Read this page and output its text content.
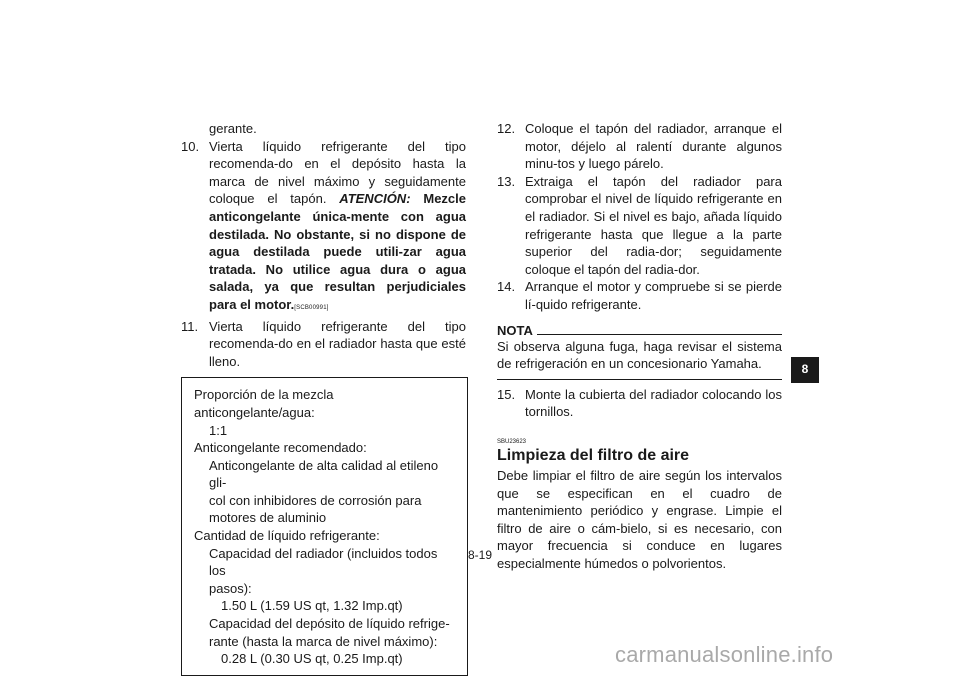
gerante.

10. Vierta líquido refrigerante del tipo recomenda-do en el depósito hasta la marca de nivel máximo y seguidamente coloque el tapón. ATENCIÓN: Mezcle anticongelante única-mente con agua destilada. No obstante, si no dispone de agua destilada puede utili-zar agua tratada. No utilice agua dura o agua salada, ya que resultan perjudiciales para el motor.[SCB00991]
11. Vierta líquido refrigerante del tipo recomenda-do en el radiador hasta que esté lleno.
Proporción de la mezcla anticongelante/agua:
1:1
Anticongelante recomendado:
Anticongelante de alta calidad al etileno gli-
col con inhibidores de corrosión para
motores de aluminio
Cantidad de líquido refrigerante:
Capacidad del radiador (incluidos todos los
pasos):
1.50 L (1.59 US qt, 1.32 Imp.qt)
Capacidad del depósito de líquido refrige-
rante (hasta la marca de nivel máximo):
0.28 L (0.30 US qt, 0.25 Imp.qt)
12. Coloque el tapón del radiador, arranque el motor, déjelo al ralentí durante algunos minu-tos y luego párelo.
13. Extraiga el tapón del radiador para comprobar el nivel de líquido refrigerante en el radiador. Si el nivel es bajo, añada líquido refrigerante hasta que llegue a la parte superior del radia-dor; seguidamente coloque el tapón del radia-dor.
14. Arranque el motor y compruebe si se pierde lí-quido refrigerante.
NOTA

Si observa alguna fuga, haga revisar el sistema de refrigeración en un concesionario Yamaha.

15. Monte la cubierta del radiador colocando los tornillos.
SBU23623
Limpieza del filtro de aire

Debe limpiar el filtro de aire según los intervalos que se especifican en el cuadro de mantenimiento periódico y engrase. Limpie el filtro de aire o cám-bielo, si es necesario, con mayor frecuencia si conduce en lugares especialmente húmedos o polvorientos.

8
8-19
carmanualsonline.info
